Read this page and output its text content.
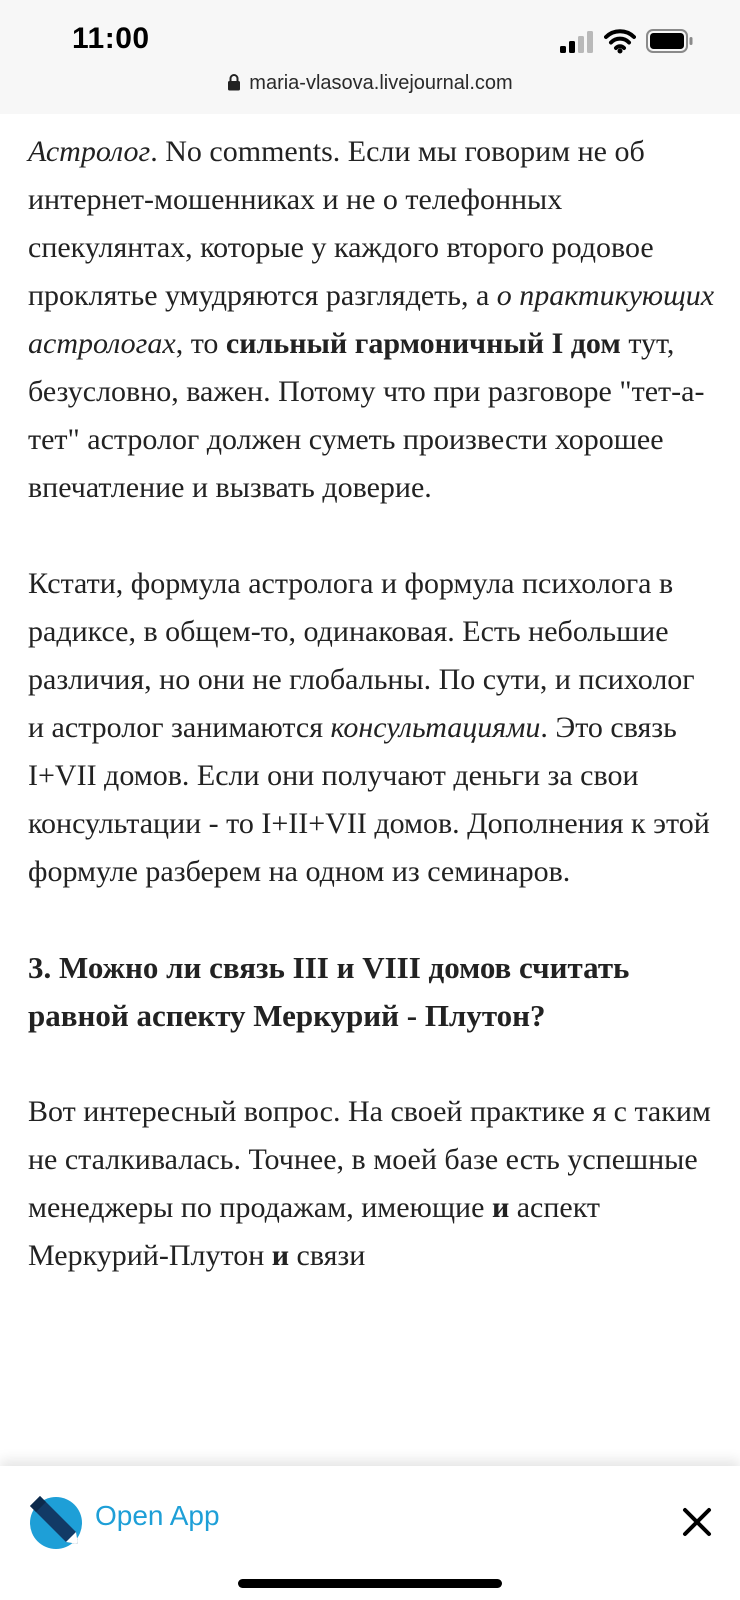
11:00
maria-vlasova.livejournal.com

Астролог. No comments. Если мы говорим не об интернет-мошенниках и не о телефонных спекулянтах, которые у каждого второго родовое проклятье умудряются разглядеть, а о практикующих астрологах, то сильный гармоничный I дом тут, безусловно, важен. Потому что при разговоре "тет-а-тет" астролог должен суметь произвести хорошее впечатление и вызвать доверие.

Кстати, формула астролога и формула психолога в радиксе, в общем-то, одинаковая. Есть небольшие различия, но они не глобальны. По сути, и психолог и астролог занимаются консультациями. Это связь I+VII домов. Если они получают деньги за свои консультации - то I+II+VII домов. Дополнения к этой формуле разберем на одном из семинаров.

3. Можно ли связь III и VIII домов считать равной аспекту Меркурий - Плутон?

Вот интересный вопрос. На своей практике я с таким не сталкивалась. Точнее, в моей базе есть успешные менеджеры по продажам, имеющие и аспект Меркурий-Плутон и связи

Open App
